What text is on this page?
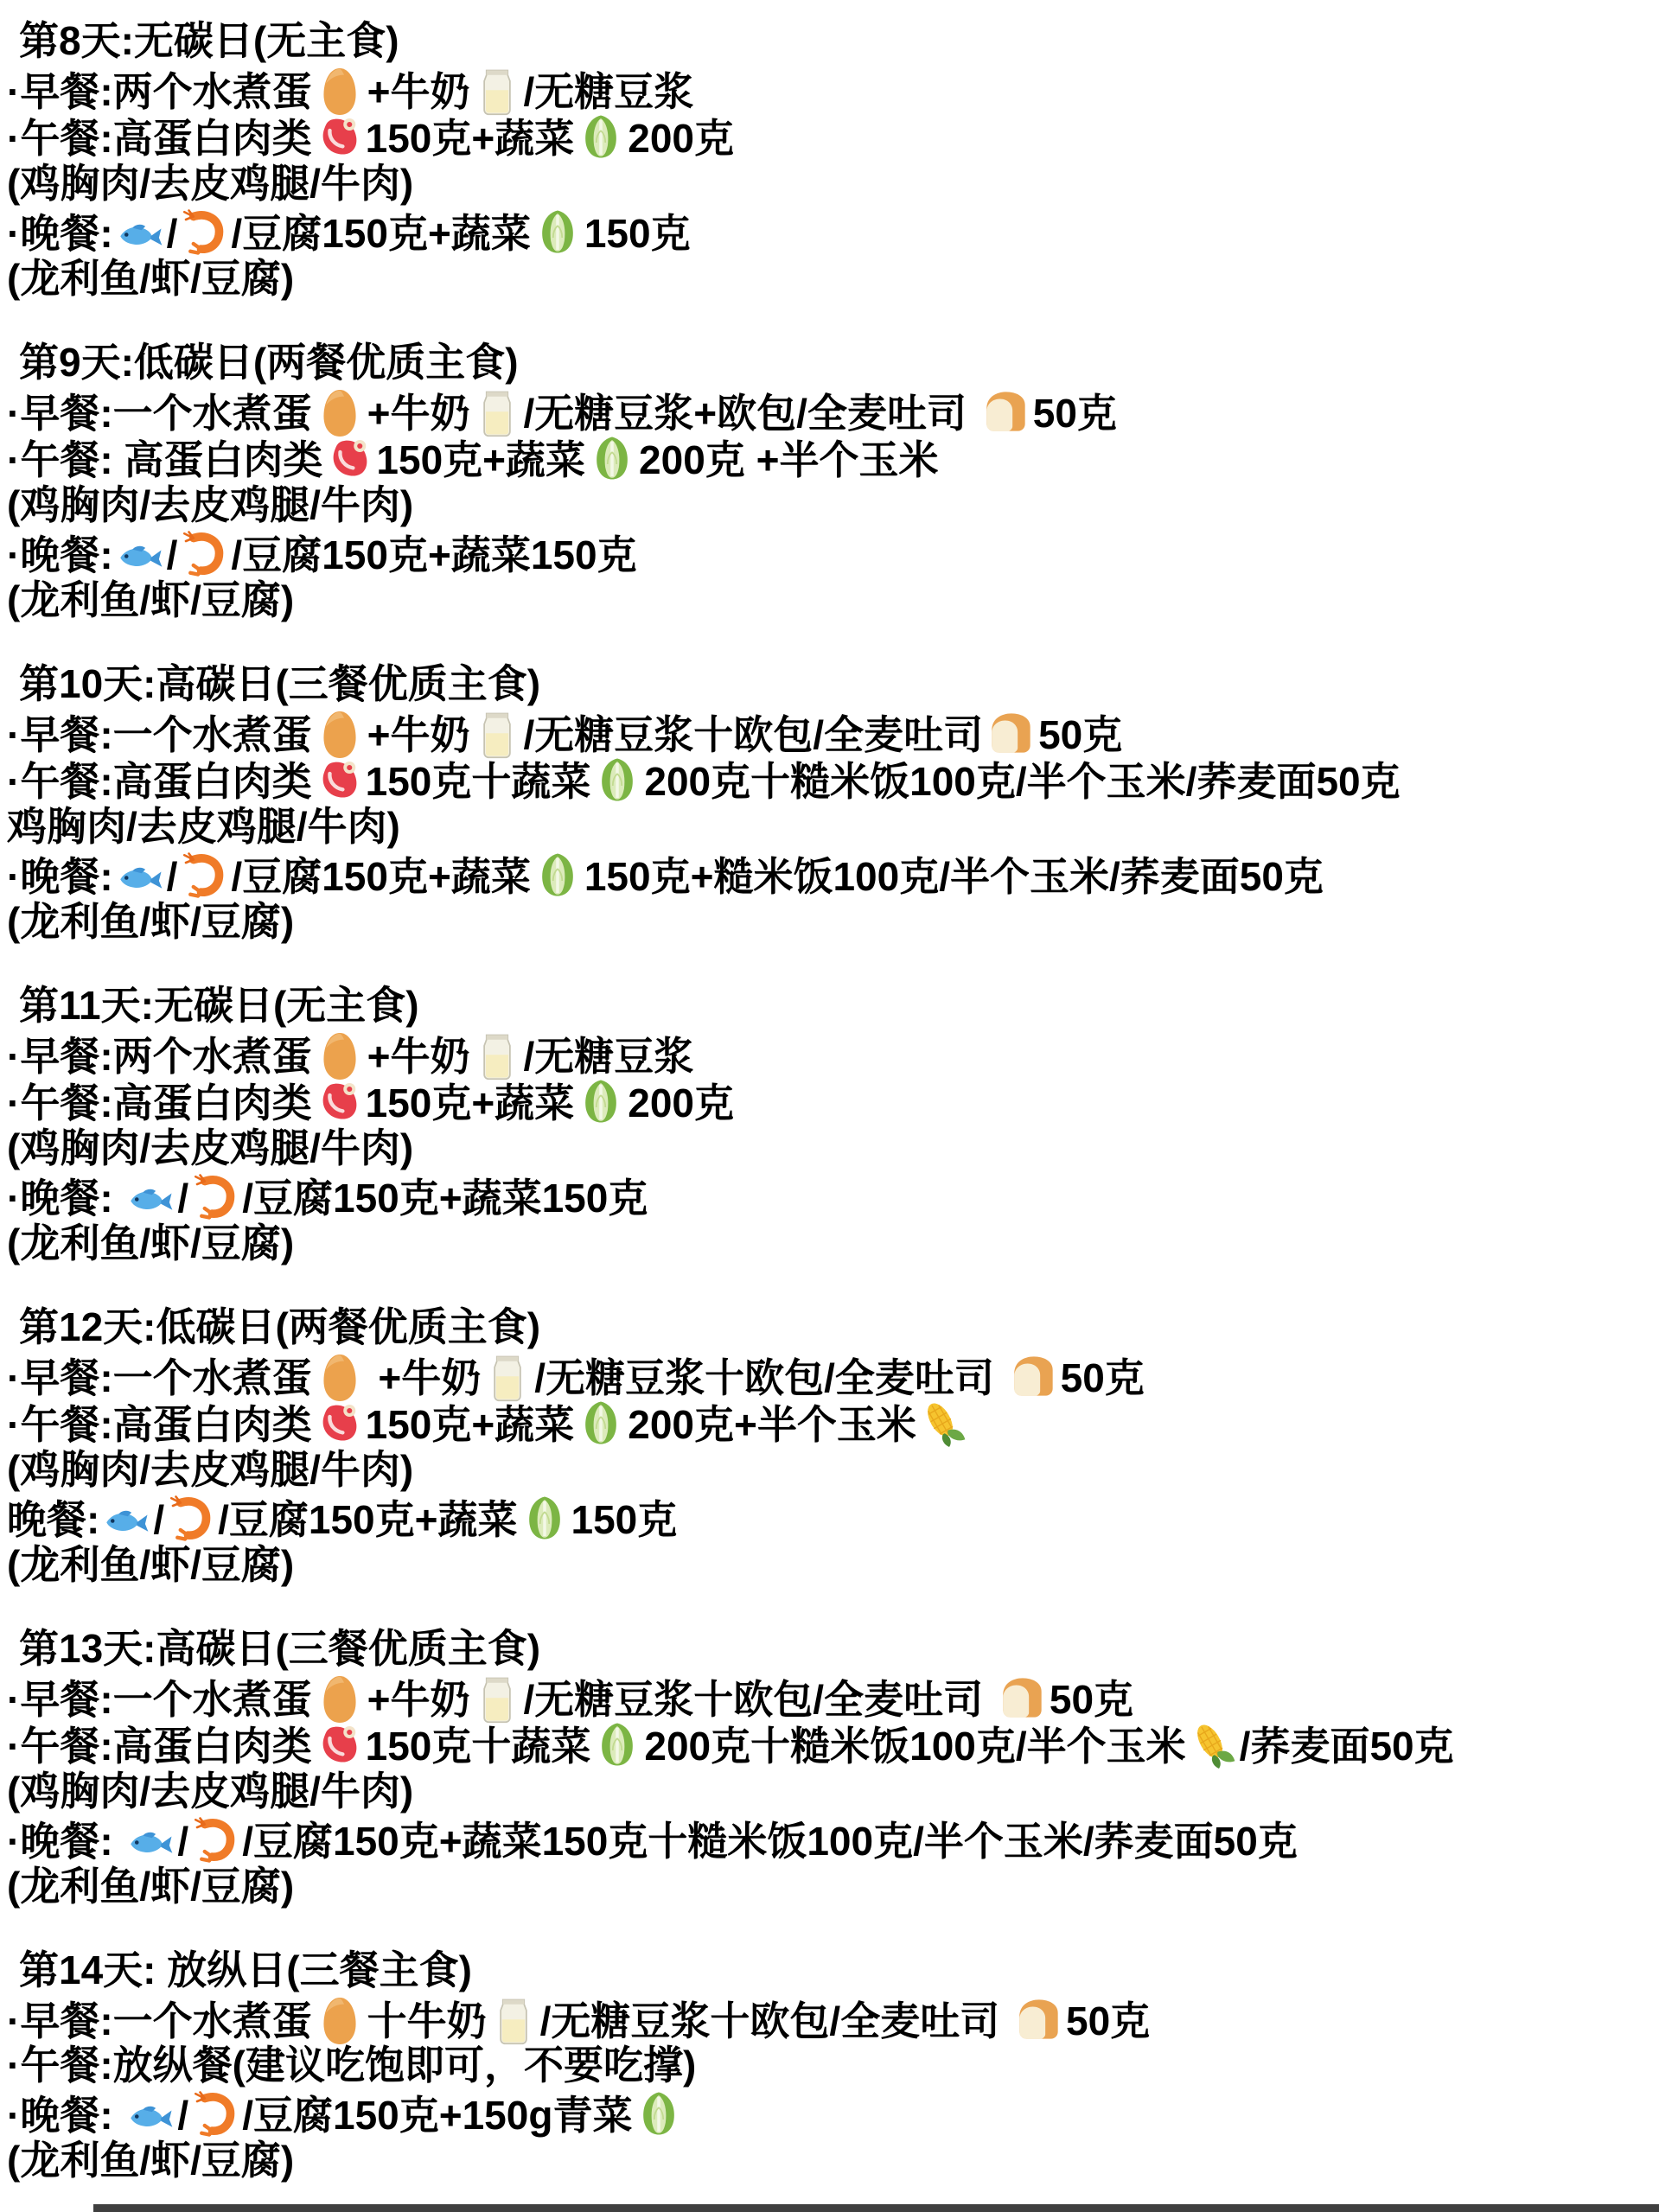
第8天:无碳日(无主食)
·早餐:两个水煮蛋 +牛奶 /无糖豆浆
·午餐:高蛋白肉类 150克+蔬菜 200克
(鸡胸肉/去皮鸡腿/牛肉)
·晚餐: / /豆腐150克+蔬菜 150克
(龙利鱼/虾/豆腐)
第9天:低碳日(两餐优质主食)
·早餐:一个水煮蛋 +牛奶 /无糖豆浆+欧包/全麦吐司 50克
·午餐: 高蛋白肉类 150克+蔬菜 200克 +半个玉米
(鸡胸肉/去皮鸡腿/牛肉)
·晚餐: / /豆腐150克+蔬菜150克
(龙利鱼/虾/豆腐)
第10天:高碳日(三餐优质主食)
·早餐:一个水煮蛋 +牛奶 /无糖豆浆十欧包/全麦吐司 50克
·午餐:高蛋白肉类 150克十蔬菜 200克十糙米饭100克/半个玉米/荞麦面50克
鸡胸肉/去皮鸡腿/牛肉)
·晚餐: / /豆腐150克+蔬菜 150克+糙米饭100克/半个玉米/荞麦面50克
(龙利鱼/虾/豆腐)
第11天:无碳日(无主食)
·早餐:两个水煮蛋 +牛奶 /无糖豆浆
·午餐:高蛋白肉类 150克+蔬菜 200克
(鸡胸肉/去皮鸡腿/牛肉)
·晚餐: / /豆腐150克+蔬菜150克
(龙利鱼/虾/豆腐)
第12天:低碳日(两餐优质主食)
·早餐:一个水煮蛋 +牛奶 /无糖豆浆十欧包/全麦吐司 50克
·午餐:高蛋白肉类 150克+蔬菜 200克+半个玉米
(鸡胸肉/去皮鸡腿/牛肉)
晚餐: / /豆腐150克+蔬菜 150克
(龙利鱼/虾/豆腐)
第13天:高碳日(三餐优质主食)
·早餐:一个水煮蛋 +牛奶 /无糖豆浆十欧包/全麦吐司 50克
·午餐:高蛋白肉类 150克十蔬菜 200克十糙米饭100克/半个玉米 /荞麦面50克
(鸡胸肉/去皮鸡腿/牛肉)
·晚餐: / /豆腐150克+蔬菜150克十糙米饭100克/半个玉米/荞麦面50克
(龙利鱼/虾/豆腐)
第14天: 放纵日(三餐主食)
·早餐:一个水煮蛋 十牛奶 /无糖豆浆十欧包/全麦吐司 50克
·午餐:放纵餐(建议吃饱即可，不要吃撑)
·晚餐: / /豆腐150克+150g青菜
(龙利鱼/虾/豆腐)
